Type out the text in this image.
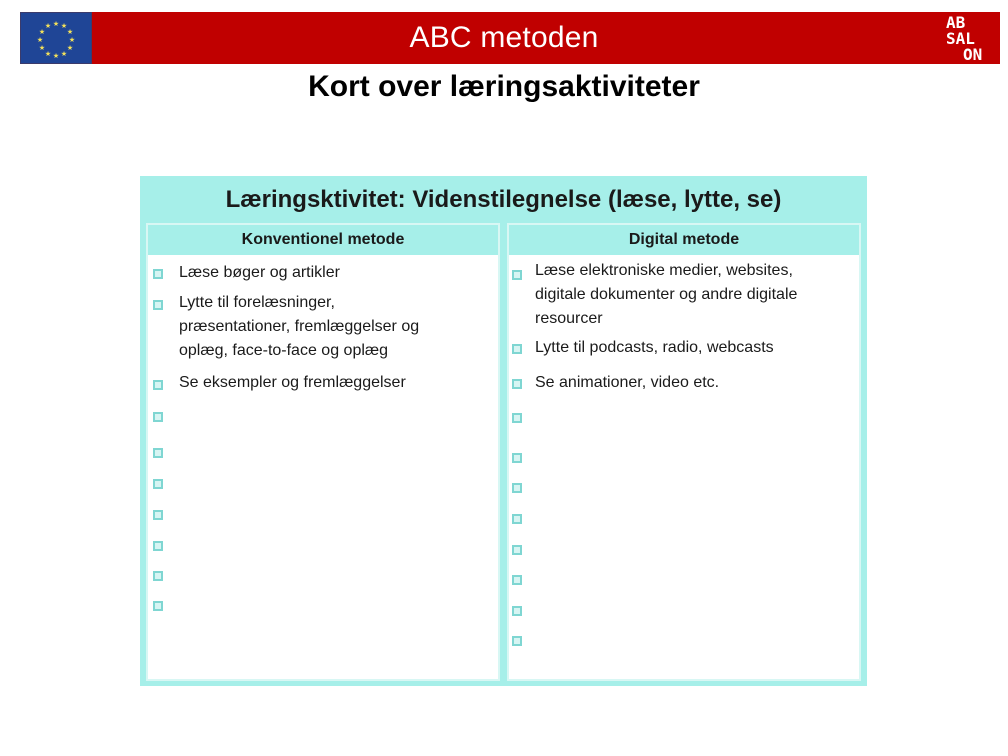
★ ★
★
★
★
★
★
★
★
★
★
★	ABC metoden	AB
SAL
ON
Kort over læringsaktiviteter
Læringsktivitet: Videnstilegnelse (læse, lytte, se)
Konventionel metode
Læse bøger og artikler
Lytte til forelæsninger,
præsentationer, fremlæggelser og
oplæg, face-to-face og oplæg
Se eksempler og fremlæggelser
Digital metode
Læse elektroniske medier, websites,
digitale dokumenter og andre digitale
resourcer
Lytte til podcasts, radio, webcasts
Se animationer, video etc.
